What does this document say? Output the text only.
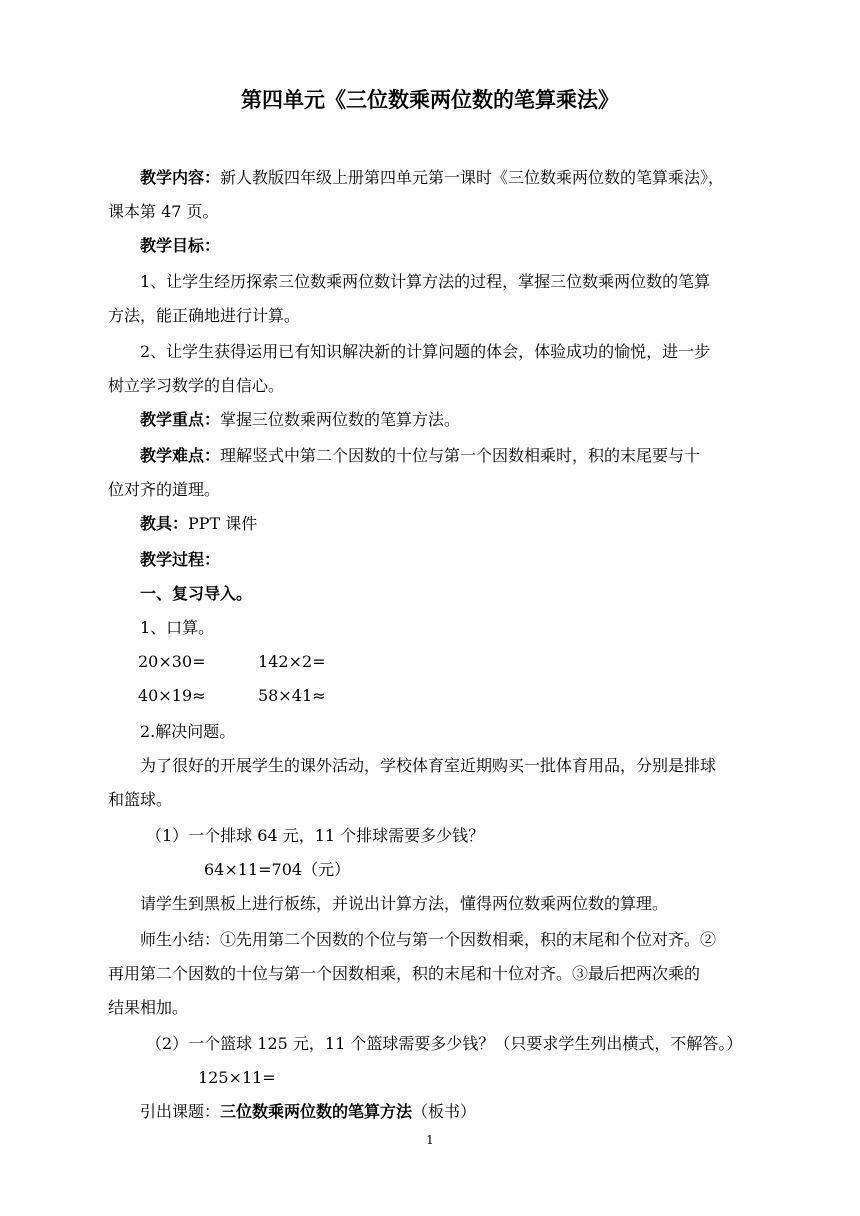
第四单元《三位数乘两位数的笔算乘法》
教学内容：新人教版四年级上册第四单元第一课时《三位数乘两位数的笔算乘法》，
课本第 47 页。
教学目标：
1、让学生经历探索三位数乘两位数计算方法的过程，掌握三位数乘两位数的笔算
方法，能正确地进行计算。
2、让学生获得运用已有知识解决新的计算问题的体会，体验成功的愉悦，进一步
树立学习数学的自信心。
教学重点：掌握三位数乘两位数的笔算方法。
教学难点：理解竖式中第二个因数的十位与第一个因数相乘时，积的末尾要与十
位对齐的道理。
教具：PPT 课件
教学过程：
一、复习导入。
1、口算。
20×30=	142×2=
40×19≈	58×41≈
2.解决问题。
为了很好的开展学生的课外活动，学校体育室近期购买一批体育用品，分别是排球
和篮球。
（1）一个排球 64 元，11 个排球需要多少钱？
64×11=704（元）
请学生到黑板上进行板练，并说出计算方法，懂得两位数乘两位数的算理。
师生小结：①先用第二个因数的个位与第一个因数相乘，积的末尾和个位对齐。②
再用第二个因数的十位与第一个因数相乘，积的末尾和十位对齐。③最后把两次乘的
结果相加。
（2）一个篮球 125 元，11 个篮球需要多少钱？（只要求学生列出横式，不解答。）
125×11=
引出课题：三位数乘两位数的笔算方法（板书）
1
